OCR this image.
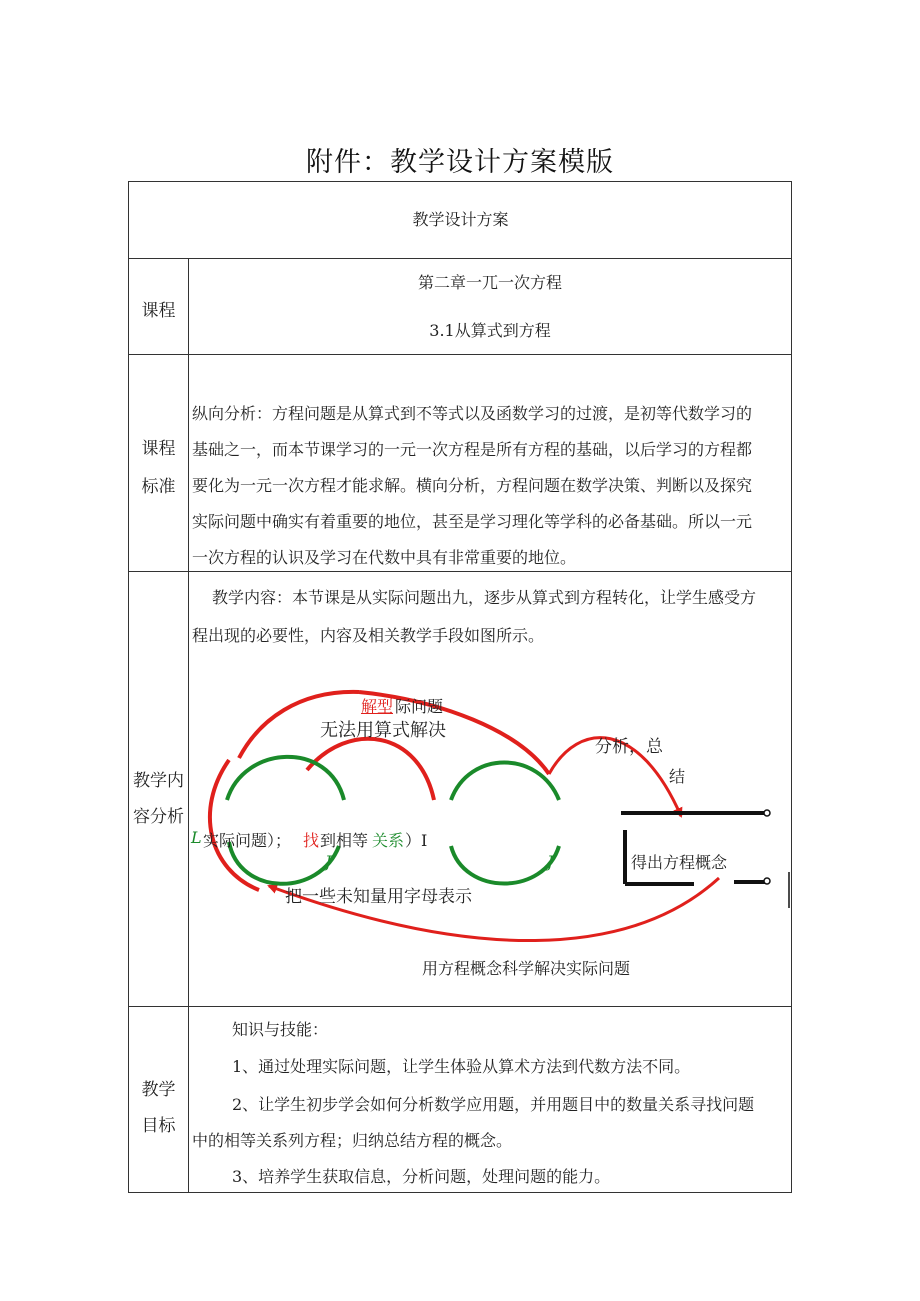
附件：教学设计方案模版
教学设计方案
课程
第二章一兀一次方程
3.1从算式到方程
课程
标准
纵向分析：方程问题是从算式到不等式以及函数学习的过渡，是初等代数学习的
基础之一，而本节课学习的一元一次方程是所有方程的基础，以后学习的方程都
要化为一元一次方程才能求解。横向分析，方程问题在数学决策、判断以及探究
实际问题中确实有着重要的地位，甚至是学习理化等学科的必备基础。所以一元
一次方程的认识及学习在代数中具有非常重要的地位。
教学内
容分析
教学内容：本节课是从实际问题出九，逐步从算式到方程转化，让学生感受方
程出现的必要性，内容及相关教学手段如图所示。
解型 际问题
无法用算式解决
分析，总
结
L 实际问题）； 找 到相等 关系 ）I
J	J	得出方程概念
把一些未知量用字母表示
用方程概念科学解决实际问题
教学
目标
知识与技能：
1、通过处理实际问题，让学生体验从算术方法到代数方法不同。
2、让学生初步学会如何分析数学应用题，并用题目中的数量关系寻找问题
中的相等关系列方程；归纳总结方程的概念。
3、培养学生获取信息，分析问题，处理问题的能力。
